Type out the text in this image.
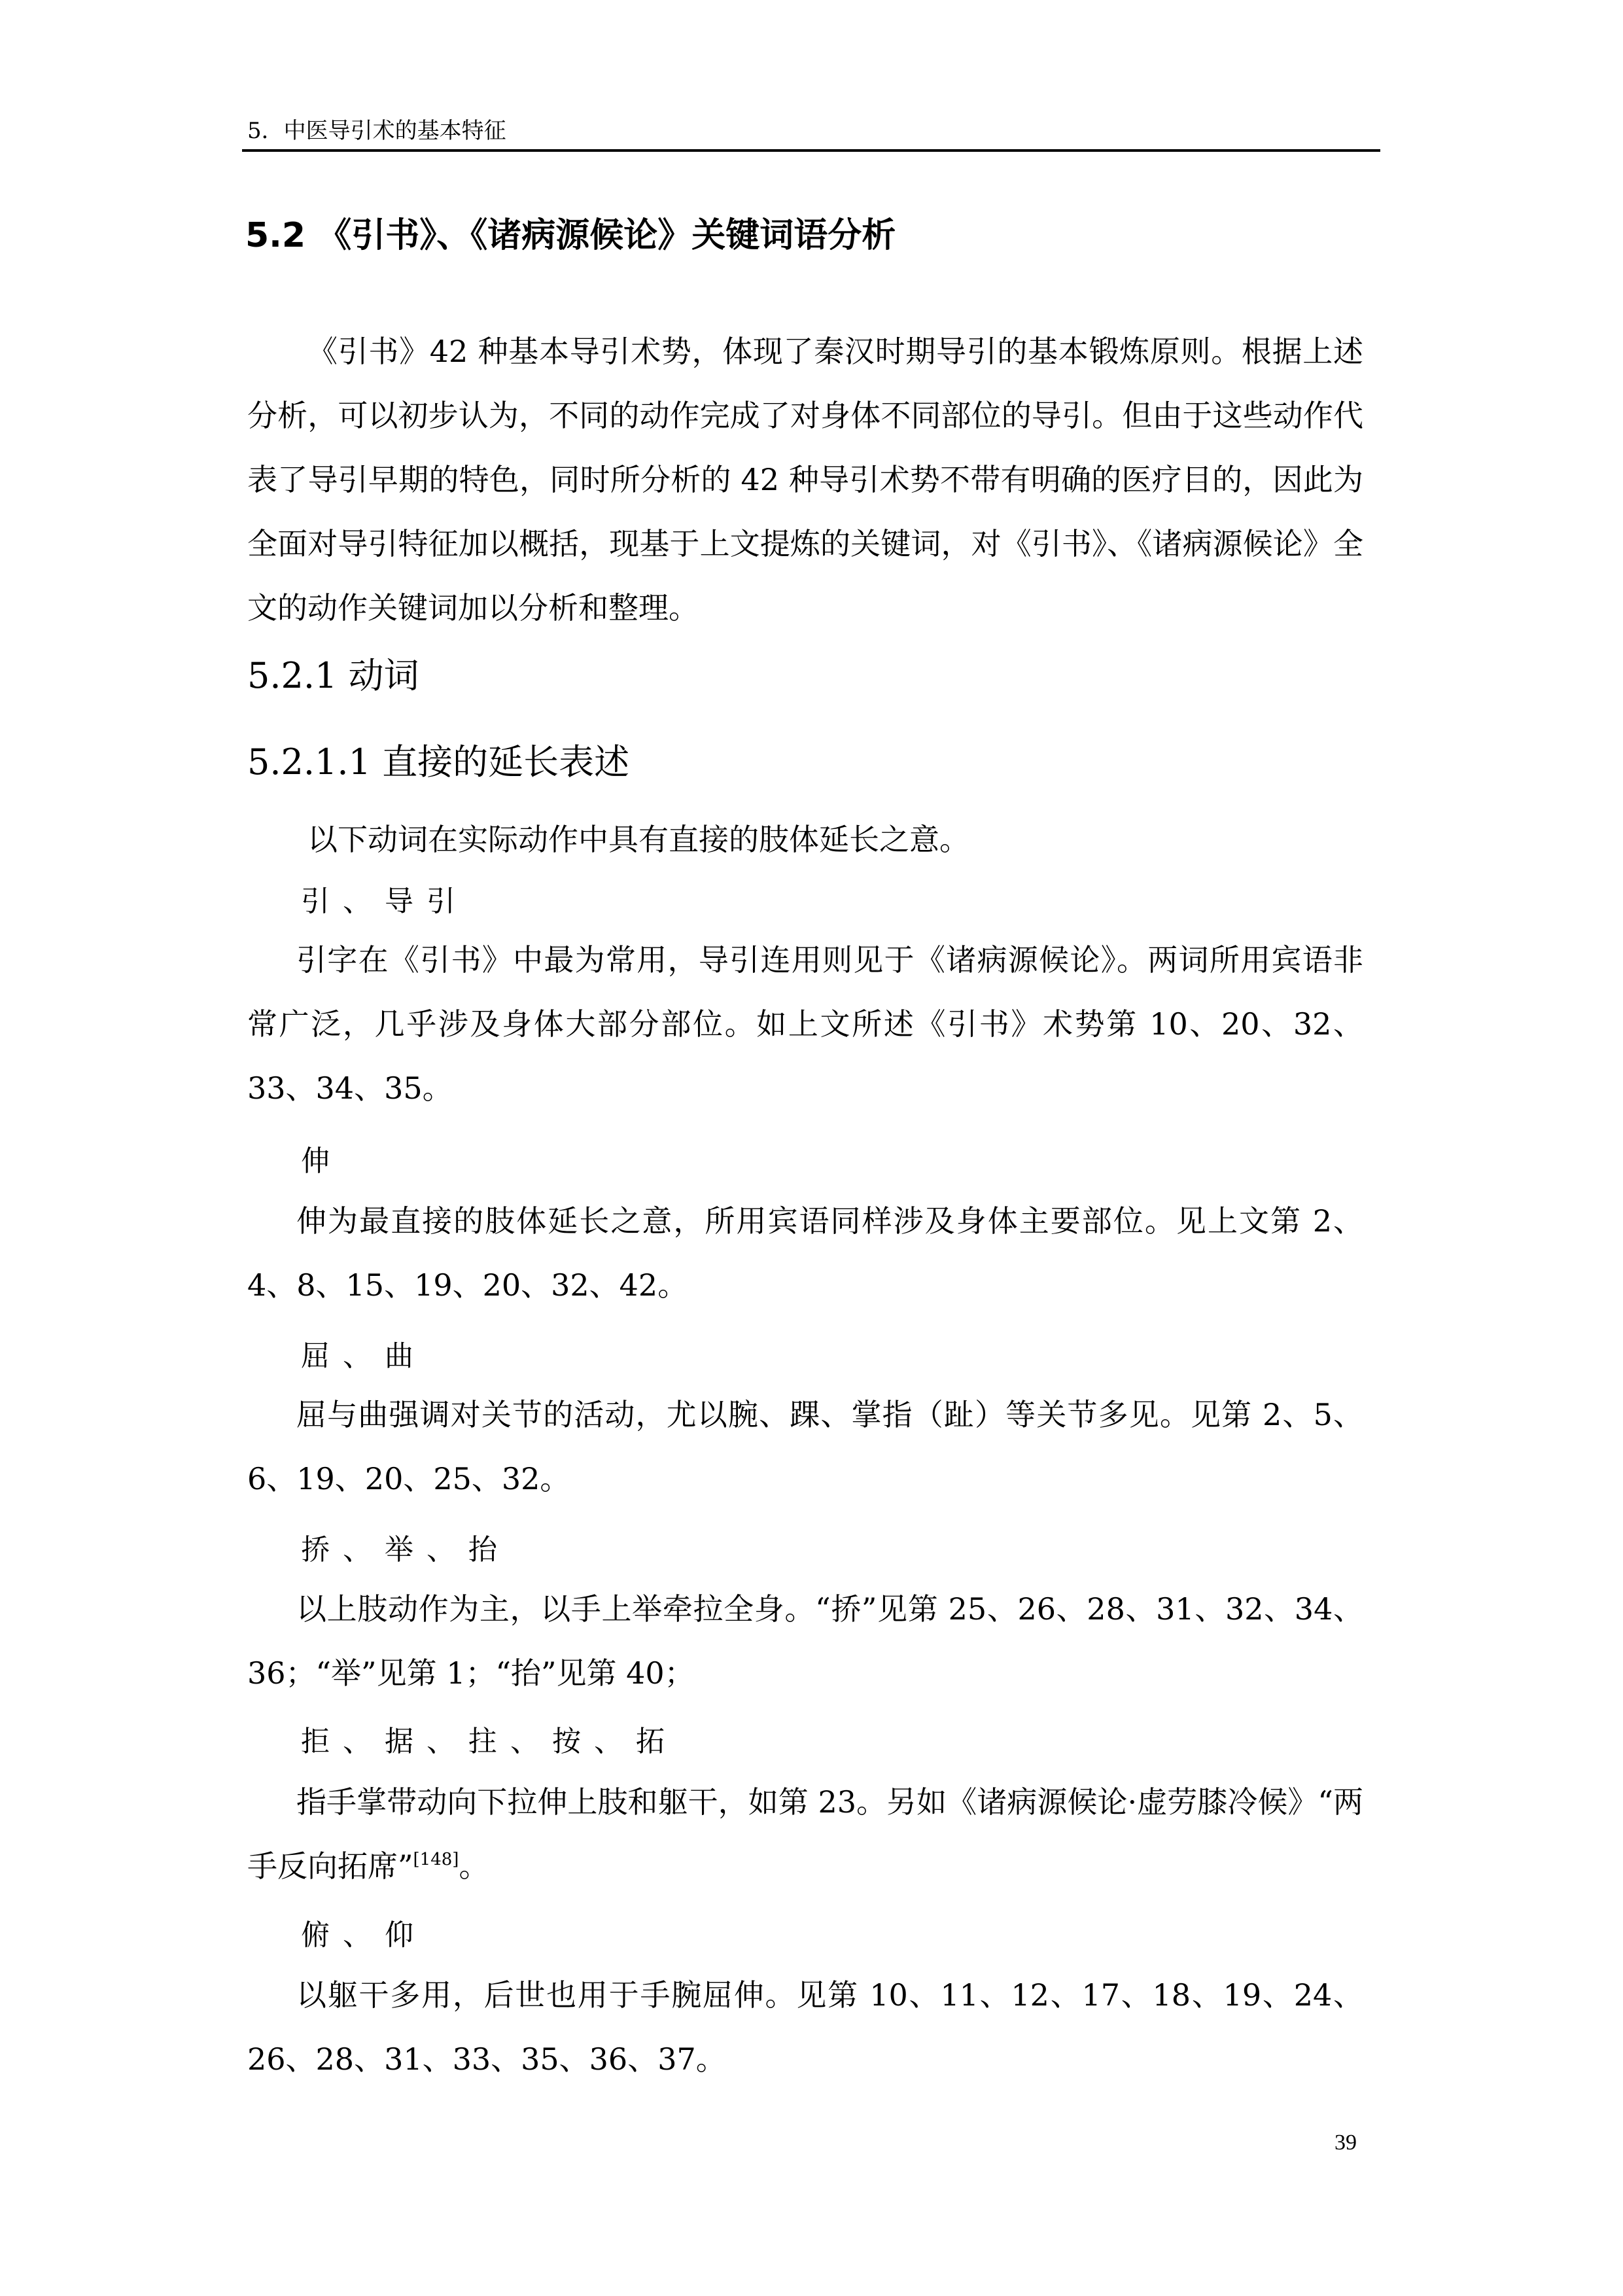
5．中医导引术的基本特征
5.2 《引书》、《诸病源候论》关键词语分析
《引书》42 种基本导引术势，体现了秦汉时期导引的基本锻炼原则。根据上述分析，可以初步认为，不同的动作完成了对身体不同部位的导引。但由于这些动作代表了导引早期的特色，同时所分析的 42 种导引术势不带有明确的医疗目的，因此为全面对导引特征加以概括，现基于上文提炼的关键词，对《引书》、《诸病源候论》全文的动作关键词加以分析和整理。
5.2.1 动词
5.2.1.1 直接的延长表述
以下动词在实际动作中具有直接的肢体延长之意。
引、导引
引字在《引书》中最为常用，导引连用则见于《诸病源候论》。两词所用宾语非常广泛，几乎涉及身体大部分部位。如上文所述《引书》术势第 10、20、32、33、34、35。
伸
伸为最直接的肢体延长之意，所用宾语同样涉及身体主要部位。见上文第 2、4、8、15、19、20、32、42。
屈、曲
屈与曲强调对关节的活动，尤以腕、踝、掌指（趾）等关节多见。见第 2、5、6、19、20、25、32。
挢、举、抬
以上肢动作为主，以手上举牵拉全身。“挢”见第 25、26、28、31、32、34、36；“举”见第 1；“抬”见第 40；
拒、据、拄、按、拓
指手掌带动向下拉伸上肢和躯干，如第 23。另如《诸病源候论·虚劳膝冷候》“两手反向拓席”[148]。
俯、仰
以躯干多用，后世也用于手腕屈伸。见第 10、11、12、17、18、19、24、26、28、31、33、35、36、37。
39
